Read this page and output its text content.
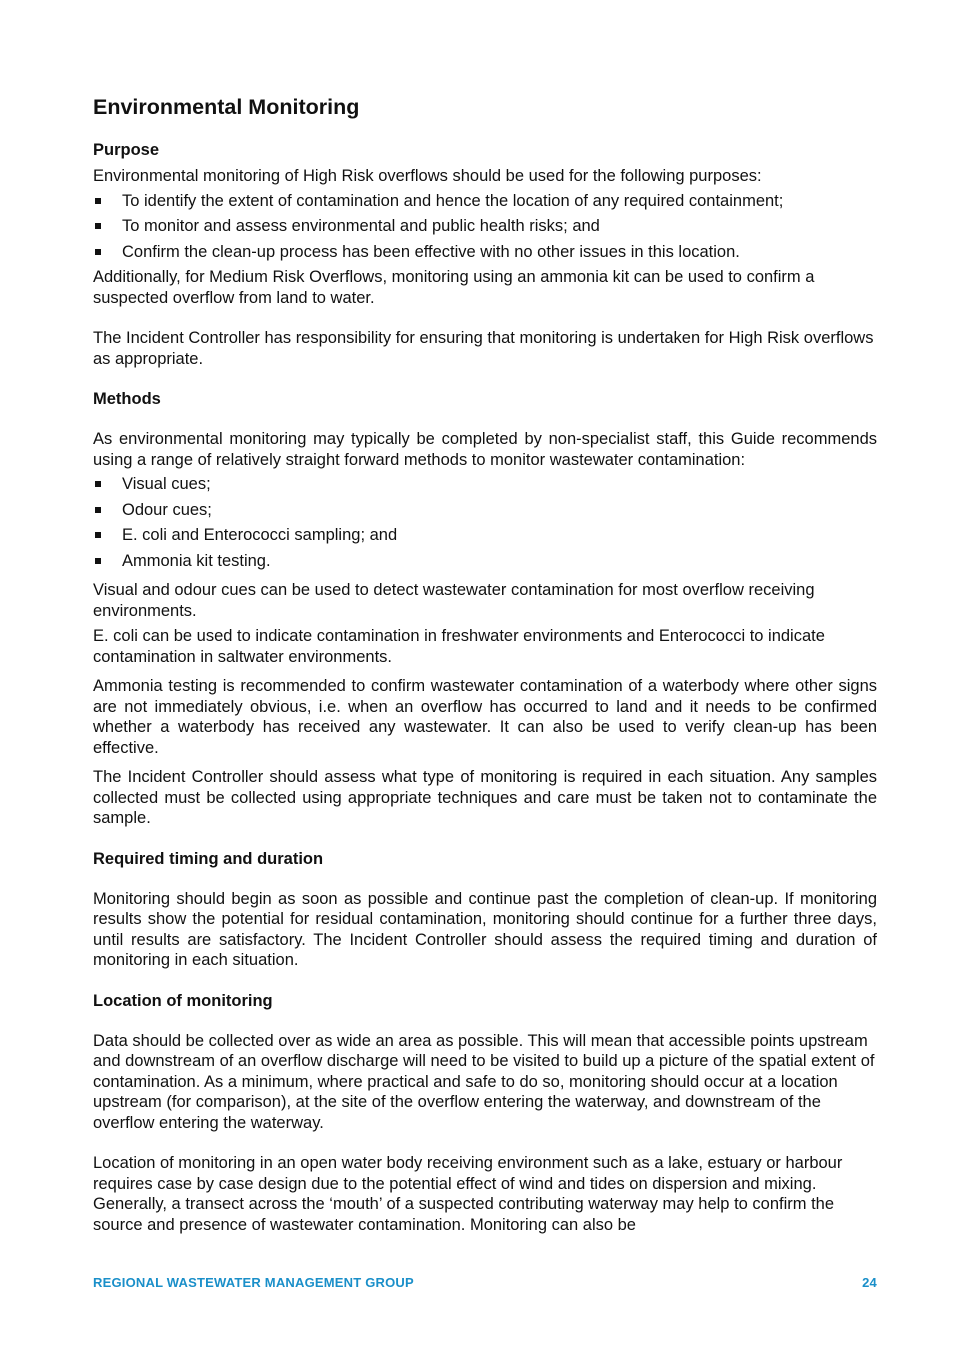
Environmental Monitoring
Purpose

Environmental monitoring of High Risk overflows should be used for the following purposes:

To identify the extent of contamination and hence the location of any required containment;
To monitor and assess environmental and public health risks; and
Confirm the clean-up process has been effective with no other issues in this location.

Additionally, for Medium Risk Overflows, monitoring using an ammonia kit can be used to confirm a suspected overflow from land to water.

The Incident Controller has responsibility for ensuring that monitoring is undertaken for High Risk overflows as appropriate.

Methods

As environmental monitoring may typically be completed by non-specialist staff, this Guide recommends using a range of relatively straight forward methods to monitor wastewater contamination:

Visual cues;
Odour cues;
E. coli and Enterococci sampling; and
Ammonia kit testing.

Visual and odour cues can be used to detect wastewater contamination for most overflow receiving environments.

E. coli can be used to indicate contamination in freshwater environments and Enterococci to indicate contamination in saltwater environments.

Ammonia testing is recommended to confirm wastewater contamination of a waterbody where other signs are not immediately obvious, i.e. when an overflow has occurred to land and it needs to be confirmed whether a waterbody has received any wastewater. It can also be used to verify clean-up has been effective.

The Incident Controller should assess what type of monitoring is required in each situation. Any samples collected must be collected using appropriate techniques and care must be taken not to contaminate the sample.

Required timing and duration

Monitoring should begin as soon as possible and continue past the completion of clean-up. If monitoring results show the potential for residual contamination, monitoring should continue for a further three days, until results are satisfactory. The Incident Controller should assess the required timing and duration of monitoring in each situation.

Location of monitoring

Data should be collected over as wide an area as possible. This will mean that accessible points upstream and downstream of an overflow discharge will need to be visited to build up a picture of the spatial extent of contamination. As a minimum, where practical and safe to do so, monitoring should occur at a location upstream (for comparison), at the site of the overflow entering the waterway, and downstream of the overflow entering the waterway.

Location of monitoring in an open water body receiving environment such as a lake, estuary or harbour requires case by case design due to the potential effect of wind and tides on dispersion and mixing. Generally, a transect across the ‘mouth’ of a suspected contributing waterway may help to confirm the source and presence of wastewater contamination. Monitoring can also be

REGIONAL WASTEWATER MANAGEMENT GROUP	24
